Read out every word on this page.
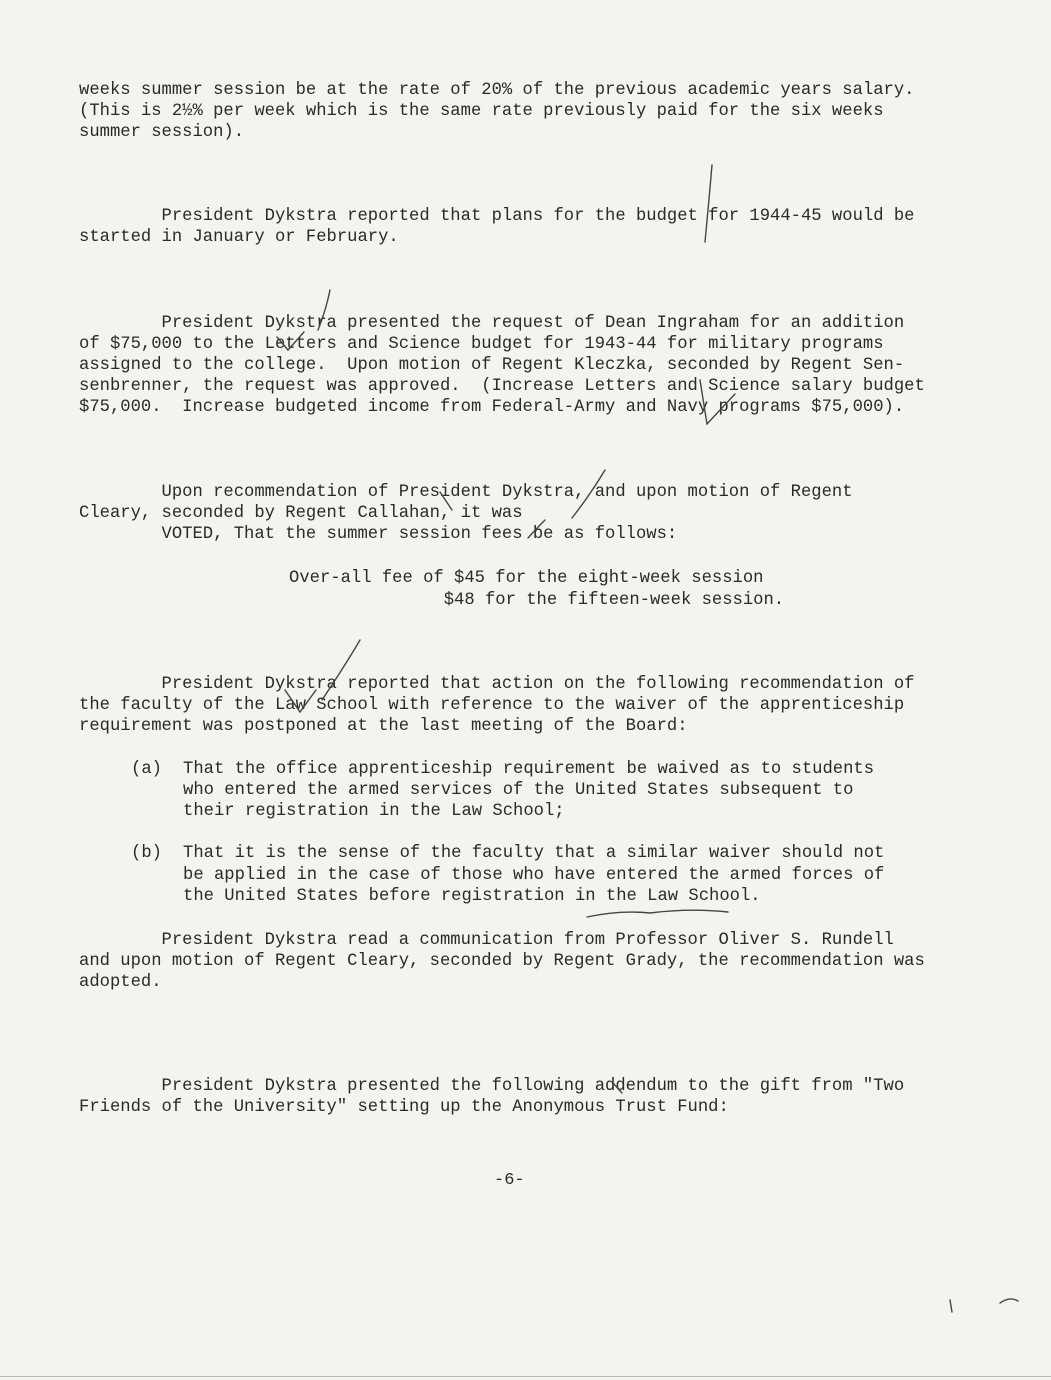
weeks summer session be at the rate of 20% of the previous academic years salary.
(This is 2½% per week which is the same rate previously paid for the six weeks
summer session).
President Dykstra reported that plans for the budget for 1944-45 would be
started in January or February.
President Dykstra presented the request of Dean Ingraham for an addition
of $75,000 to the Letters and Science budget for 1943-44 for military programs
assigned to the college.  Upon motion of Regent Kleczka, seconded by Regent Sen-
senbrenner, the request was approved.  (Increase Letters and Science salary budget
$75,000.  Increase budgeted income from Federal-Army and Navy programs $75,000).
Upon recommendation of President Dykstra, and upon motion of Regent
Cleary, seconded by Regent Callahan, it was
VOTED, That the summer session fees be as follows:
Over-all fee of $45 for the eight-week session
$48 for the fifteen-week session.
President Dykstra reported that action on the following recommendation of
the faculty of the Law School with reference to the waiver of the apprenticeship
requirement was postponed at the last meeting of the Board:
(a) That the office apprenticeship requirement be waived as to students
who entered the armed services of the United States subsequent to
their registration in the Law School;
(b) That it is the sense of the faculty that a similar waiver should not
be applied in the case of those who have entered the armed forces of
the United States before registration in the Law School.
President Dykstra read a communication from Professor Oliver S. Rundell
and upon motion of Regent Cleary, seconded by Regent Grady, the recommendation was
adopted.
President Dykstra presented the following addendum to the gift from "Two
Friends of the University" setting up the Anonymous Trust Fund:
-6-
